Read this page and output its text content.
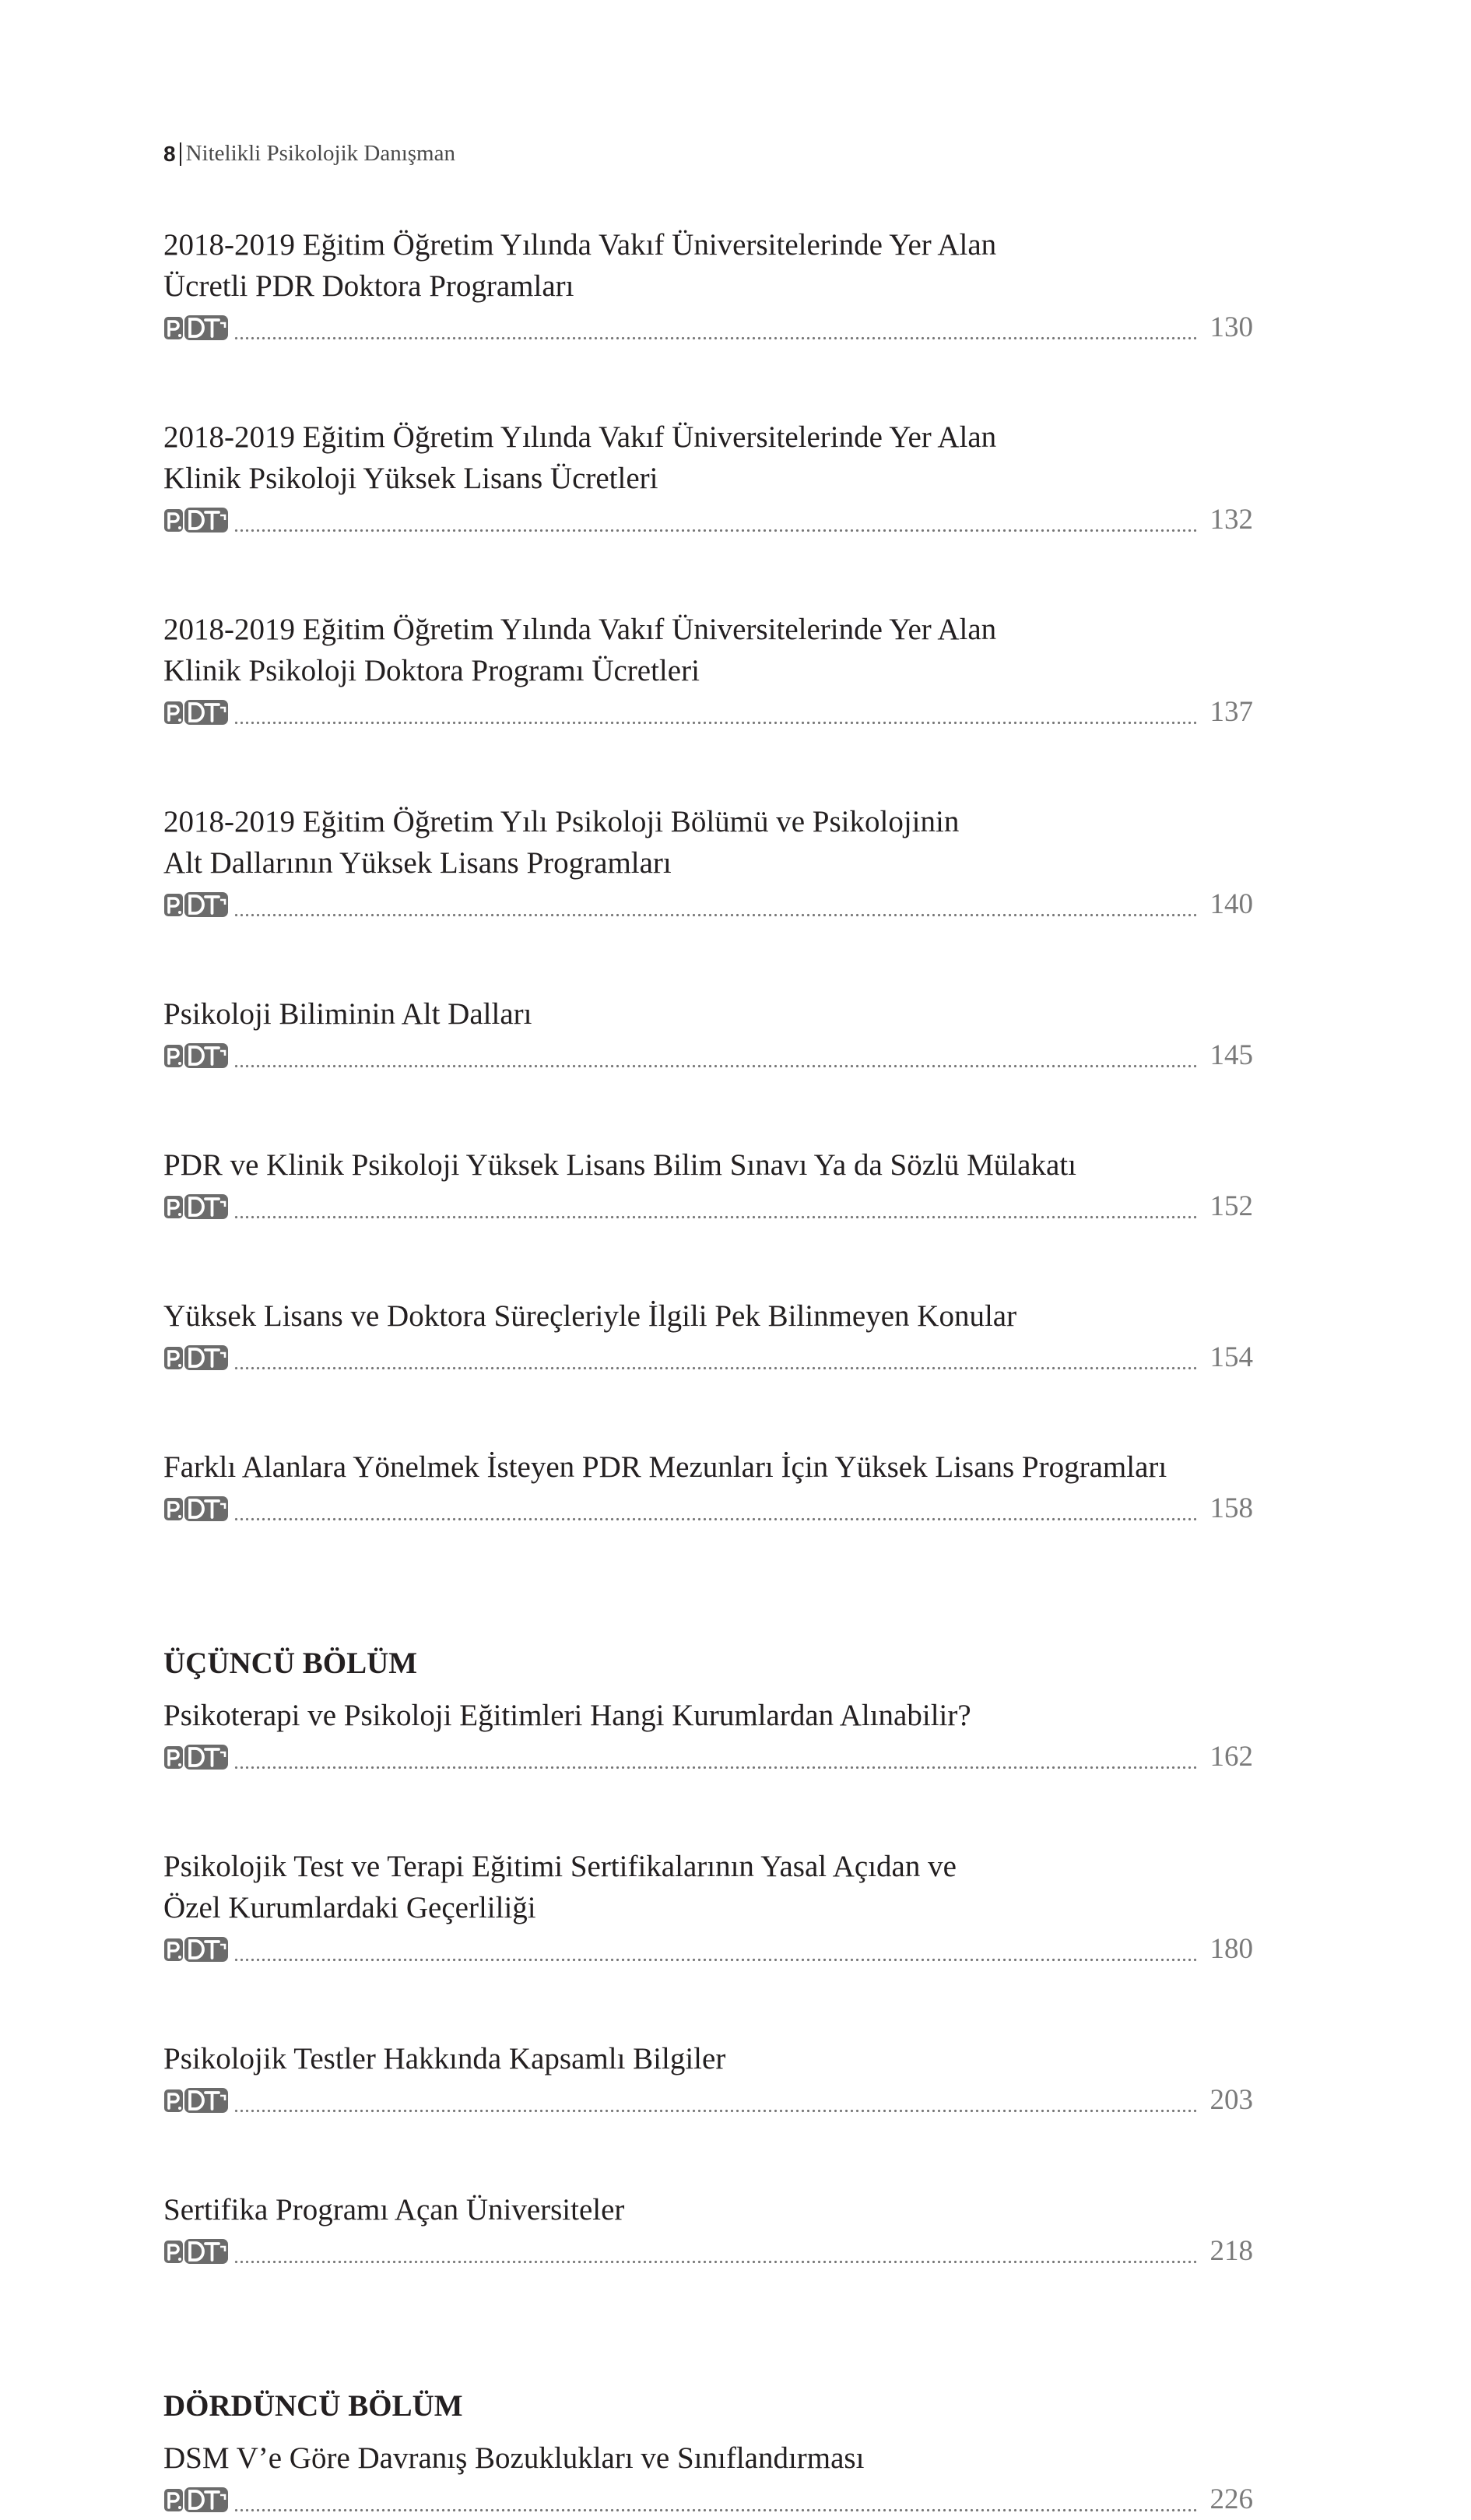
8 Nitelikli Psikolojik Danışman
2018-2019 Eğitim Öğretim Yılında Vakıf Üniversitelerinde Yer Alan
Ücretli PDR Doktora Programları
130
2018-2019 Eğitim Öğretim Yılında Vakıf Üniversitelerinde Yer Alan
Klinik Psikoloji Yüksek Lisans Ücretleri
132
2018-2019 Eğitim Öğretim Yılında Vakıf Üniversitelerinde Yer Alan
Klinik Psikoloji Doktora Programı Ücretleri
137
2018-2019 Eğitim Öğretim Yılı Psikoloji Bölümü ve Psikolojinin
Alt Dallarının Yüksek Lisans Programları
140
Psikoloji Biliminin Alt Dalları
145
PDR ve Klinik Psikoloji Yüksek Lisans Bilim Sınavı Ya da Sözlü Mülakatı
152
Yüksek Lisans ve Doktora Süreçleriyle İlgili Pek Bilinmeyen Konular
154
Farklı Alanlara Yönelmek İsteyen PDR Mezunları İçin Yüksek Lisans Programları
158
ÜÇÜNCÜ BÖLÜM
Psikoterapi ve Psikoloji Eğitimleri Hangi Kurumlardan Alınabilir?
162
Psikolojik Test ve Terapi Eğitimi Sertifikalarının Yasal Açıdan ve
Özel Kurumlardaki Geçerliliği
180
Psikolojik Testler Hakkında Kapsamlı Bilgiler
203
Sertifika Programı Açan Üniversiteler
218
DÖRDÜNCÜ BÖLÜM
DSM V’e Göre Davranış Bozuklukları ve Sınıflandırması
226
